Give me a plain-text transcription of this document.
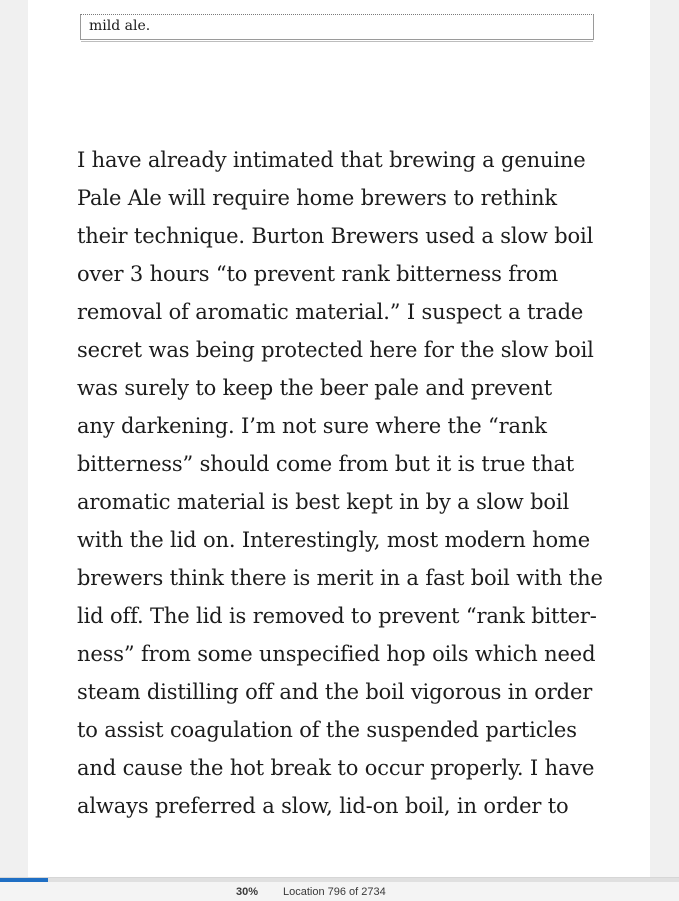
mild ale.

I have already intimated that brewing a genuine
Pale Ale will require home brewers to rethink
their technique. Burton Brewers used a slow boil
over 3 hours “to prevent rank bitterness from
removal of aromatic material.” I suspect a trade
secret was being protected here for the slow boil
was surely to keep the beer pale and prevent
any darkening. I’m not sure where the “rank
bitterness” should come from but it is true that
aromatic material is best kept in by a slow boil
with the lid on. Interestingly, most modern home
brewers think there is merit in a fast boil with the
lid off. The lid is removed to prevent “rank bitter-
ness” from some unspecified hop oils which need
steam distilling off and the boil vigorous in order
to assist coagulation of the suspended particles
and cause the hot break to occur properly. I have
always preferred a slow, lid-on boil, in order to

30% Location 796 of 2734
